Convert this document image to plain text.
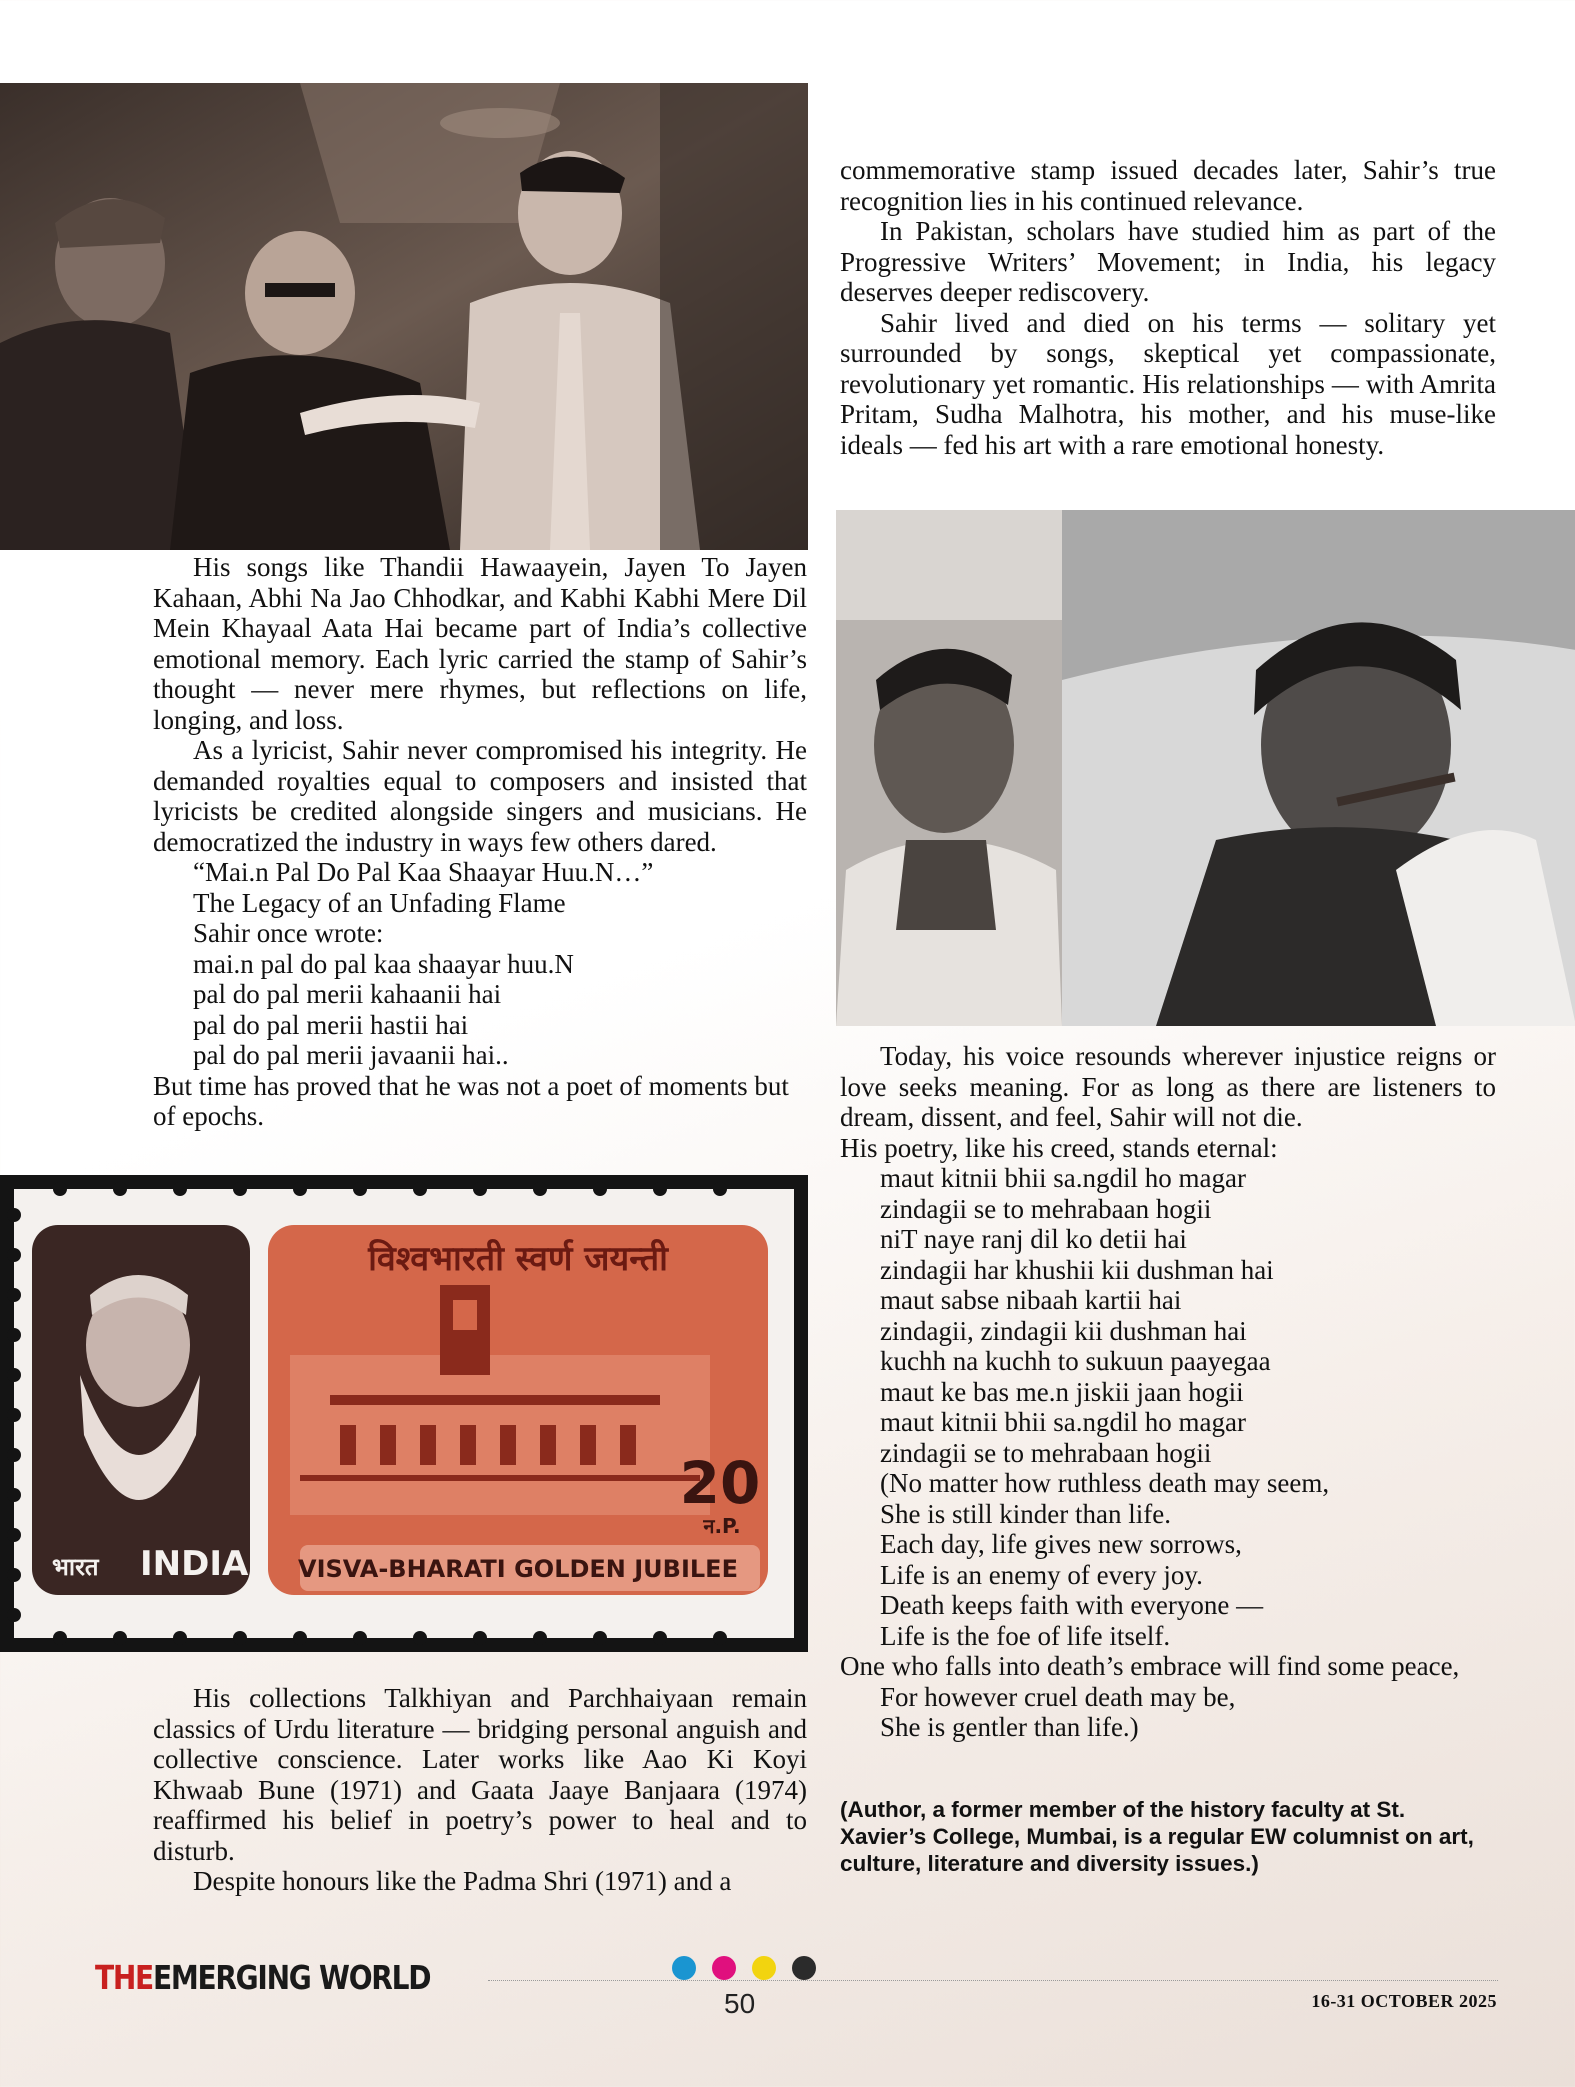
His songs like Thandii Hawaayein, Jayen To Jayen Kahaan, Abhi Na Jao Chhodkar, and Kabhi Kabhi Mere Dil Mein Khayaal Aata Hai became part of India’s collective emotional memory. Each lyric carried the stamp of Sahir’s thought — never mere rhymes, but reflections on life, longing, and loss.

As a lyricist, Sahir never compromised his integrity. He demanded royalties equal to composers and insisted that lyricists be credited alongside singers and musicians. He democratized the industry in ways few others dared.

“Mai.n Pal Do Pal Kaa Shaayar Huu.N…”

The Legacy of an Unfading Flame

Sahir once wrote:

mai.n pal do pal kaa shaayar huu.N

pal do pal merii kahaanii hai

pal do pal merii hastii hai

pal do pal merii javaanii hai..

But time has proved that he was not a poet of moments but of epochs.

विश्वभारती स्वर्ण जयन्ती
भारत INDIA
20
न.P.
VISVA-BHARATI GOLDEN JUBILEE

His collections Talkhiyan and Parchhaiyaan remain classics of Urdu literature — bridging personal anguish and collective conscience. Later works like Aao Ki Koyi Khwaab Bune (1971) and Gaata Jaaye Banjaara (1974) reaffirmed his belief in poetry’s power to heal and to disturb.

Despite honours like the Padma Shri (1971) and a

commemorative stamp issued decades later, Sahir’s true recognition lies in his continued relevance.

In Pakistan, scholars have studied him as part of the Progressive Writers’ Movement; in India, his legacy deserves deeper rediscovery.

Sahir lived and died on his terms — solitary yet surrounded by songs, skeptical yet compassionate, revolutionary yet romantic. His relationships — with Amrita Pritam, Sudha Malhotra, his mother, and his muse-like ideals — fed his art with a rare emotional honesty.

Today, his voice resounds wherever injustice reigns or love seeks meaning. For as long as there are listeners to dream, dissent, and feel, Sahir will not die.

His poetry, like his creed, stands eternal:

maut kitnii bhii sa.ngdil ho magar

zindagii se to mehrabaan hogii

niT naye ranj dil ko detii hai

zindagii har khushii kii dushman hai

maut sabse nibaah kartii hai

zindagii, zindagii kii dushman hai

kuchh na kuchh to sukuun paayegaa

maut ke bas me.n jiskii jaan hogii

maut kitnii bhii sa.ngdil ho magar

zindagii se to mehrabaan hogii

(No matter how ruthless death may seem,

She is still kinder than life.

Each day, life gives new sorrows,

Life is an enemy of every joy.

Death keeps faith with everyone —

Life is the foe of life itself.

One who falls into death’s embrace will find some peace,

For however cruel death may be,

She is gentler than life.)

(Author, a former member of the history faculty at St. Xavier’s College, Mumbai, is a regular EW columnist on art, culture, literature and diversity issues.)
THEEMERGING WORLD
50	16-31 OCTOBER 2025
